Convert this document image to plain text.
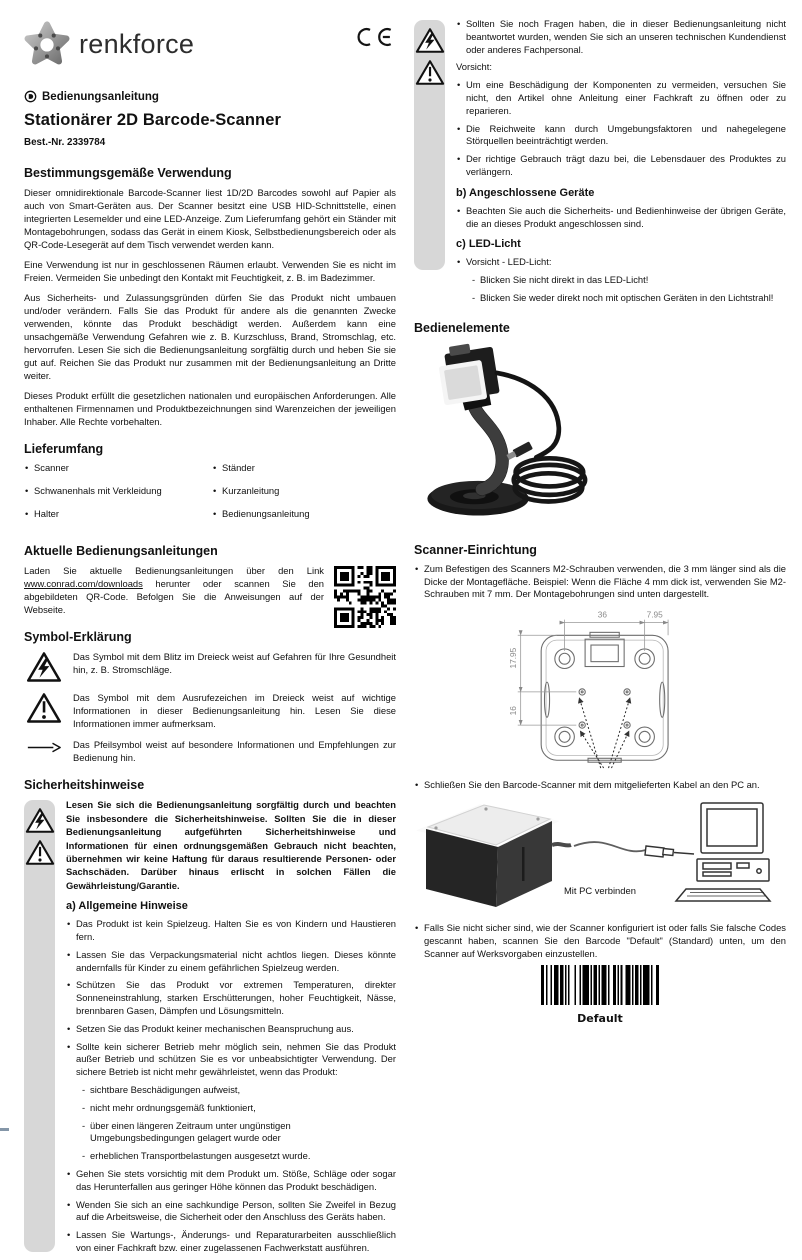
renkforce
Bedienungsanleitung
Stationärer 2D Barcode-Scanner
Best.-Nr. 2339784
Bestimmungsgemäße Verwendung
Dieser omnidirektionale Barcode-Scanner liest 1D/2D Barcodes sowohl auf Papier als auch von Smart-Geräten aus. Der Scanner besitzt eine USB HID-Schnittstelle, einen integrierten Lesemelder und eine LED-Anzeige. Zum Lieferumfang gehört ein Ständer mit Montagebohrungen, sodass das Gerät in einem Kiosk, Selbstbedienungsbereich oder als QR-Code-Lesegerät auf dem Tisch verwendet werden kann.
Eine Verwendung ist nur in geschlossenen Räumen erlaubt. Verwenden Sie es nicht im Freien. Vermeiden Sie unbedingt den Kontakt mit Feuchtigkeit, z. B. im Badezimmer.
Aus Sicherheits- und Zulassungsgründen dürfen Sie das Produkt nicht umbauen und/oder verändern. Falls Sie das Produkt für andere als die genannten Zwecke verwenden, könnte das Produkt beschädigt werden. Außerdem kann eine unsachgemäße Verwendung Gefahren wie z. B. Kurzschluss, Brand, Stromschlag, etc. hervorrufen. Lesen Sie sich die Bedienungsanleitung sorgfältig durch und heben Sie sie gut auf. Reichen Sie das Produkt nur zusammen mit der Bedienungsanleitung an Dritte weiter.
Dieses Produkt erfüllt die gesetzlichen nationalen und europäischen Anforderungen. Alle enthaltenen Firmennamen und Produktbezeichnungen sind Warenzeichen der jeweiligen Inhaber. Alle Rechte vorbehalten.
Lieferumfang
• Scanner
• Schwanenhals mit Verkleidung
• Halter
• Ständer
• Kurzanleitung
• Bedienungsanleitung
Aktuelle Bedienungsanleitungen
Laden Sie aktuelle Bedienungsanleitungen über den Link www.conrad.com/downloads herunter oder scannen Sie den abgebildeten QR-Code. Befolgen Sie die Anweisungen auf der Webseite.
Symbol-Erklärung
Das Symbol mit dem Blitz im Dreieck weist auf Gefahren für Ihre Gesundheit hin, z. B. Stromschläge.
Das Symbol mit dem Ausrufezeichen im Dreieck weist auf wichtige Informationen in dieser Bedienungsanleitung hin. Lesen Sie diese Informationen immer aufmerksam.
Das Pfeilsymbol weist auf besondere Informationen und Empfehlungen zur Bedienung hin.
Sicherheitshinweise
Lesen Sie sich die Bedienungsanleitung sorgfältig durch und beachten Sie insbesondere die Sicherheitshinweise. Sollten Sie die in dieser Bedienungsanleitung aufgeführten Sicherheitshinweise und Informationen für einen ordnungsgemäßen Gebrauch nicht beachten, übernehmen wir keine Haftung für daraus resultierende Personen- oder Sachschäden. Darüber hinaus erlischt in solchen Fällen die Gewährleistung/Garantie.
a) Allgemeine Hinweise
• Das Produkt ist kein Spielzeug. Halten Sie es von Kindern und Haustieren fern.
• Lassen Sie das Verpackungsmaterial nicht achtlos liegen. Dieses könnte andernfalls für Kinder zu einem gefährlichen Spielzeug werden.
• Schützen Sie das Produkt vor extremen Temperaturen, direkter Sonneneinstrahlung, starken Erschütterungen, hoher Feuchtigkeit, Nässe, brennbaren Gasen, Dämpfen und Lösungsmitteln.
• Setzen Sie das Produkt keiner mechanischen Beanspruchung aus.
• Sollte kein sicherer Betrieb mehr möglich sein, nehmen Sie das Produkt außer Betrieb und schützen Sie es vor unbeabsichtigter Verwendung. Der sichere Betrieb ist nicht mehr gewährleistet, wenn das Produkt:
- sichtbare Beschädigungen aufweist,
- nicht mehr ordnungsgemäß funktioniert,
- über einen längeren Zeitraum unter ungünstigen Umgebungsbedingungen gelagert wurde oder
- erheblichen Transportbelastungen ausgesetzt wurde.
• Gehen Sie stets vorsichtig mit dem Produkt um. Stöße, Schläge oder sogar das Herunterfallen aus geringer Höhe können das Produkt beschädigen.
• Wenden Sie sich an eine sachkundige Person, sollten Sie Zweifel in Bezug auf die Arbeitsweise, die Sicherheit oder den Anschluss des Geräts haben.
• Lassen Sie Wartungs-, Änderungs- und Reparaturarbeiten ausschließlich von einer Fachkraft bzw. einer zugelassenen Fachwerkstatt ausführen.
• Sollten Sie noch Fragen haben, die in dieser Bedienungsanleitung nicht beantwortet wurden, wenden Sie sich an unseren technischen Kundendienst oder anderes Fachpersonal.
Vorsicht:
• Um eine Beschädigung der Komponenten zu vermeiden, versuchen Sie nicht, den Artikel ohne Anleitung einer Fachkraft zu öffnen oder zu reparieren.
• Die Reichweite kann durch Umgebungsfaktoren und nahegelegene Störquellen beeinträchtigt werden.
• Der richtige Gebrauch trägt dazu bei, die Lebensdauer des Produktes zu verlängern.
b) Angeschlossene Geräte
• Beachten Sie auch die Sicherheits- und Bedienhinweise der übrigen Geräte, die an dieses Produkt angeschlossen sind.
c) LED-Licht
• Vorsicht - LED-Licht:
- Blicken Sie nicht direkt in das LED-Licht!
- Blicken Sie weder direkt noch mit optischen Geräten in den Lichtstrahl!
Bedienelemente
Scanner-Einrichtung
• Zum Befestigen des Scanners M2-Schrauben verwenden, die 3 mm länger sind als die Dicke der Montagefläche. Beispiel: Wenn die Fläche 4 mm dick ist, verwenden Sie M2-Schrauben mit 7 mm. Der Montagebohrungen sind unten dargestellt.
36	7.95
17.95
16
• Schließen Sie den Barcode-Scanner mit dem mitgelieferten Kabel an den PC an.
Mit PC verbinden
• Falls Sie nicht sicher sind, wie der Scanner konfiguriert ist oder falls Sie falsche Codes gescannt haben, scannen Sie den Barcode "Default" (Standard) unten, um den Scanner auf Werksvorgaben einzustellen.
Default
